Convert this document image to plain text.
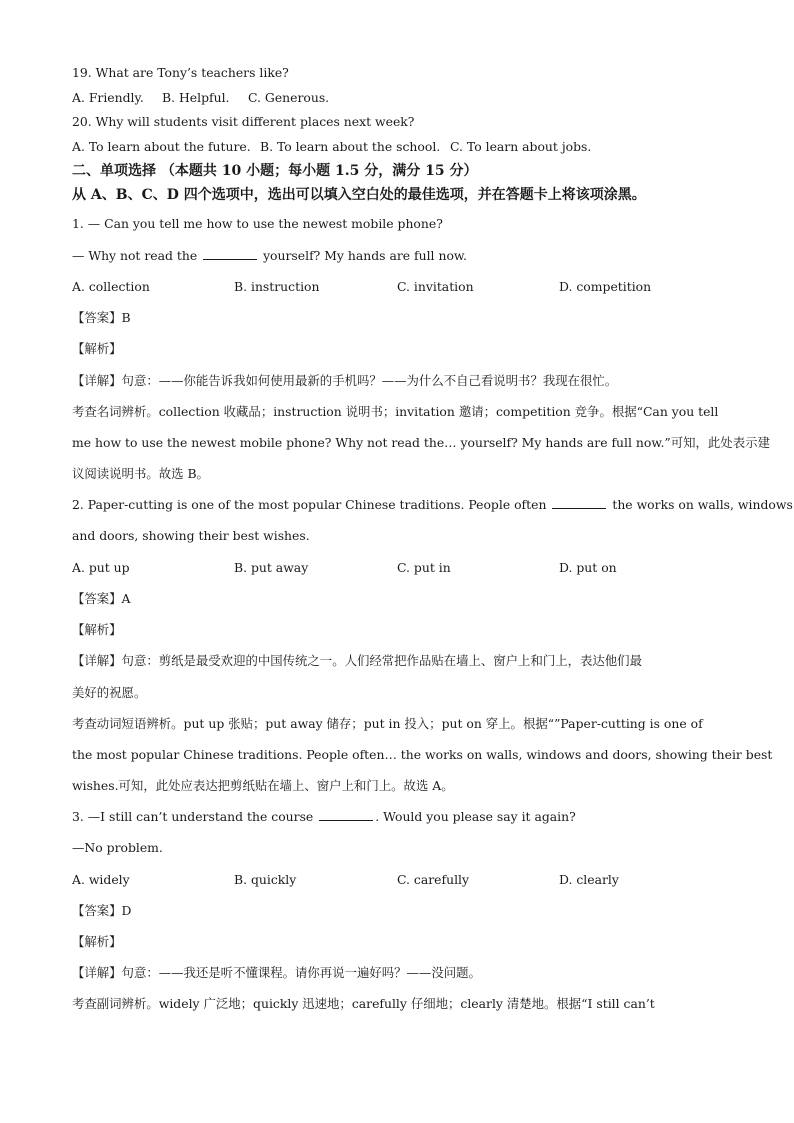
19. What are Tony’s teachers like?

A. Friendly. B. Helpful. C. Generous.

20. Why will students visit different places next week?

A. To learn about the future. B. To learn about the school. C. To learn about jobs.

二、单项选择 （本题共 10 小题；每小题 1.5 分，满分 15 分）

从 A、B、C、D 四个选项中，选出可以填入空白处的最佳选项，并在答题卡上将该项涂黑。

1. — Can you tell me how to use the newest mobile phone?

— Why not read the	yourself? My hands are full now.

A. collection	B. instruction	C. invitation	D. competition

【答案】B

【解析】

【详解】句意：——你能告诉我如何使用最新的手机吗？——为什么不自己看说明书？我现在很忙。

考查名词辨析。collection 收藏品；instruction 说明书；invitation 邀请；competition 竞争。根据“Can you tell

me how to use the newest mobile phone? Why not read the… yourself? My hands are full now.”可知，此处表示建

议阅读说明书。故选 B。

2. Paper-cutting is one of the most popular Chinese traditions. People often	the works on walls, windows

and doors, showing their best wishes.

A. put up	B. put away	C. put in	D. put on

【答案】A

【解析】

【详解】句意：剪纸是最受欢迎的中国传统之一。人们经常把作品贴在墙上、窗户上和门上，表达他们最

美好的祝愿。

考查动词短语辨析。put up 张贴；put away 储存；put in 投入；put on 穿上。根据“”Paper-cutting is one of

the most popular Chinese traditions. People often… the works on walls, windows and doors, showing their best

wishes.可知，此处应表达把剪纸贴在墙上、窗户上和门上。故选 A。

3. —I still can’t understand the course	. Would you please say it again?

—No problem.

A. widely	B. quickly	C. carefully	D. clearly

【答案】D

【解析】

【详解】句意：——我还是听不懂课程。请你再说一遍好吗？——没问题。

考查副词辨析。widely 广泛地；quickly 迅速地；carefully 仔细地；clearly 清楚地。根据“I still can’t
